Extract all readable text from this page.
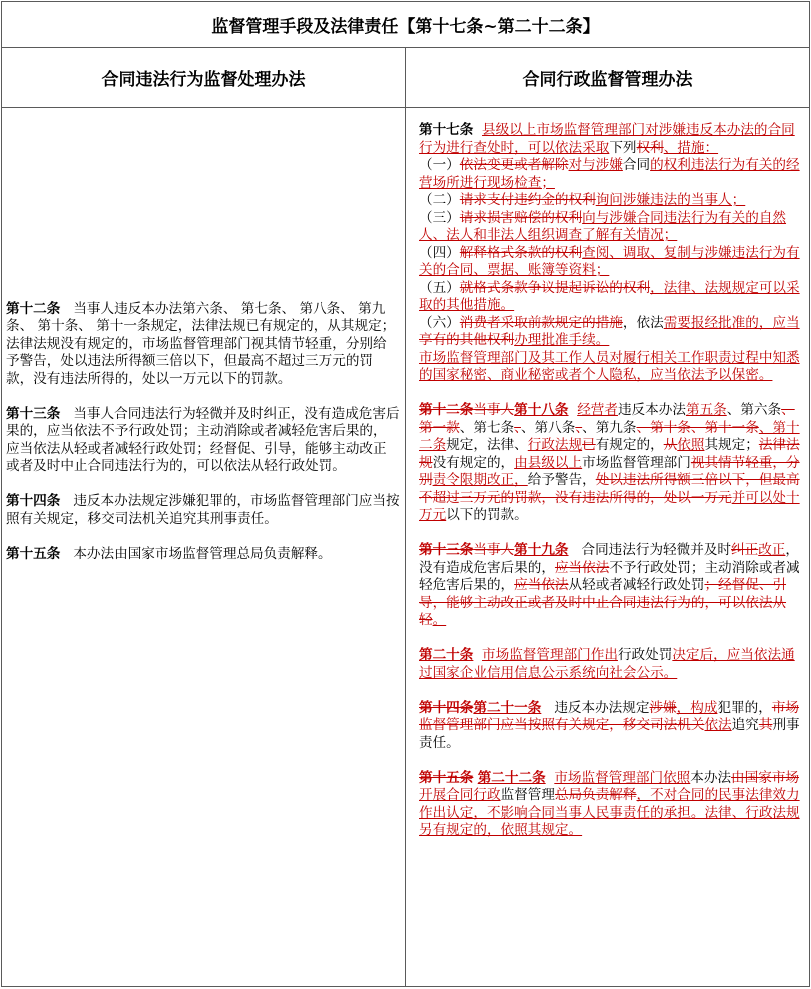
监督管理手段及法律责任【第十七条~第二十二条】
合同违法行为监督处理办法	合同行政监督管理办法

第十二条 当事人违反本办法第六条、 第七条、 第八条、 第九条、 第十条、 第十一条规定，法律法规已有规定的，从其规定；法律法规没有规定的，市场监督管理部门视其情节轻重，分别给予警告，处以违法所得额三倍以下，但最高不超过三万元的罚款，没有违法所得的，处以一万元以下的罚款。

第十三条 当事人合同违法行为轻微并及时纠正，没有造成危害后果的，应当依法不予行政处罚；主动消除或者减轻危害后果的，应当依法从轻或者减轻行政处罚；经督促、引导，能够主动改正或者及时中止合同违法行为的，可以依法从轻行政处罚。

第十四条 违反本办法规定涉嫌犯罪的，市场监督管理部门应当按照有关规定，移交司法机关追究其刑事责任。

第十五条 本办法由国家市场监督管理总局负责解释。

第十七条 县级以上市场监督管理部门对涉嫌违反本办法的合同行为进行查处时，可以依法采取下列权利、措施：

（一）依法变更或者解除对与涉嫌合同的权利违法行为有关的经营场所进行现场检查；

（二）请求支付违约金的权利询问涉嫌违法的当事人；

（三）请求损害赔偿的权利向与涉嫌合同违法行为有关的自然人、法人和非法人组织调查了解有关情况；

（四）解释格式条款的权利查阅、调取、复制与涉嫌违法行为有关的合同、票据、账簿等资料；

（五）就格式条款争议提起诉讼的权利，法律、法规规定可以采取的其他措施。

（六）消费者采取前款规定的措施，依法需要报经批准的，应当享有的其他权利办理批准手续。

市场监督管理部门及其工作人员对履行相关工作职责过程中知悉的国家秘密、商业秘密或者个人隐私，应当依法予以保密。

第十二条当事人第十八条 经营者违反本办法第五条、第六条、第一款、第七条、、第八条、、第九条、第十条、第十一条、第十二条规定，法律、行政法规已有规定的，从依照其规定；法律法规没有规定的，由县级以上市场监督管理部门视其情节轻重，分别责令限期改正，给予警告，处以违法所得额三倍以下，但最高不超过三万元的罚款，没有违法所得的，处以一万元并可以处十万元以下的罚款。

第十三条当事人第十九条 合同违法行为轻微并及时纠正改正，没有造成危害后果的，应当依法不予行政处罚；主动消除或者减轻危害后果的，应当依法从轻或者减轻行政处罚；经督促、引导，能够主动改正或者及时中止合同违法行为的，可以依法从轻。

第二十条 市场监督管理部门作出行政处罚决定后，应当依法通过国家企业信用信息公示系统向社会公示。

第十四条第二十一条 违反本办法规定涉嫌，构成犯罪的，市场监督管理部门应当按照有关规定，移交司法机关依法追究其刑事责任。

第十五条 第二十二条 市场监督管理部门依照本办法由国家市场开展合同行政监督管理总局负责解释，不对合同的民事法律效力作出认定，不影响合同当事人民事责任的承担。法律、行政法规另有规定的，依照其规定。
